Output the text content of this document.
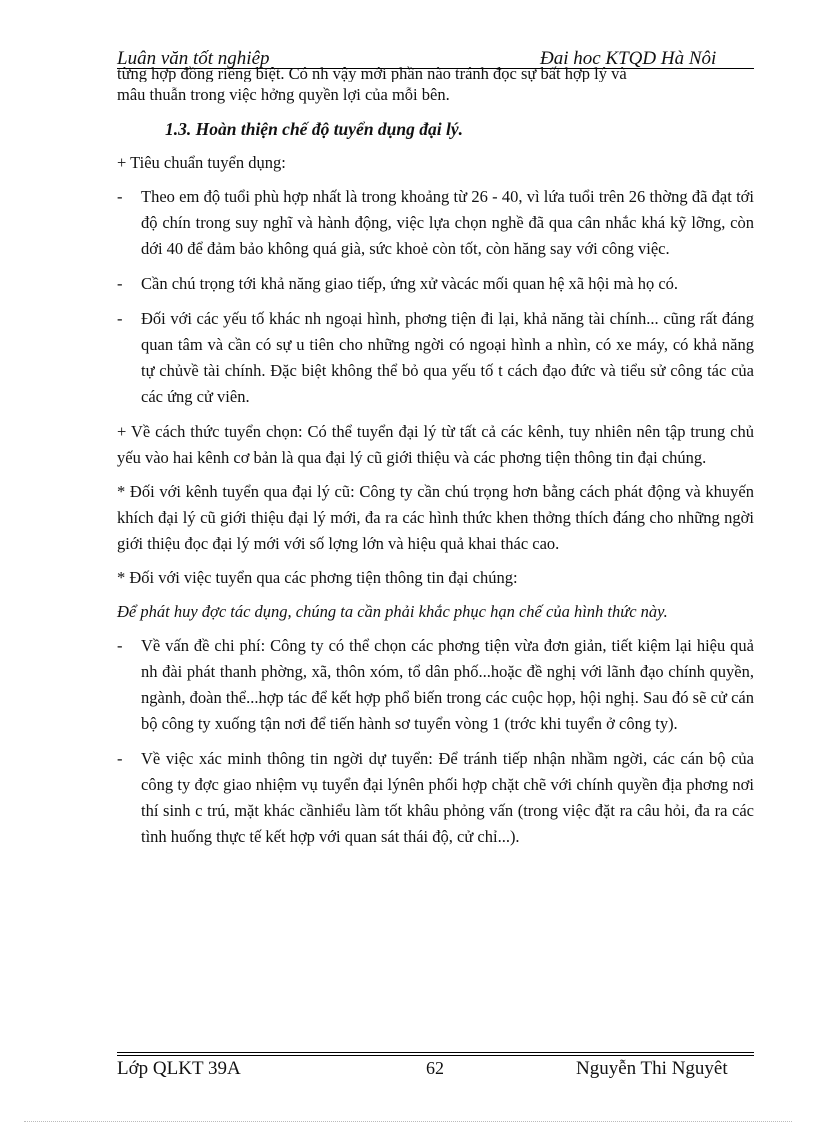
Luân văn tốt nghiêp	Đai hoc KTQD Hà Nôi

từng hợp đồng riêng biệt. Có nh vậy mới phần nào tránh đọc sự bất hợp lý và

mâu thuẫn trong việc hởng quyền lợi của mỗi bên.

1.3. Hoàn thiện chế độ tuyển dụng đại lý.

+ Tiêu chuẩn tuyển dụng:

- Theo em độ tuổi phù hợp nhất là trong khoảng từ 26 - 40, vì lứa tuổi trên 26 thờng đã đạt tới độ chín trong suy nghĩ và hành động, việc lựa chọn nghề đã qua cân nhắc khá kỹ lỡng, còn dới 40 để đảm bảo không quá già, sức khoẻ còn tốt, còn hăng say với công việc.
- Cần chú trọng tới khả năng giao tiếp, ứng xử vàcác mối quan hệ xã hội mà họ có.
- Đối với các yếu tố khác nh ngoại hình, phơng tiện đi lại, khả năng tài chính... cũng rất đáng quan tâm và cần có sự u tiên cho những ngời có ngoại hình a nhìn, có xe máy, có khả năng tự chủvề tài chính. Đặc biệt không thể bỏ qua yếu tố t cách đạo đức và tiểu sử công tác của các ứng cử viên.

+ Về cách thức tuyển chọn: Có thể tuyển đại lý từ tất cả các kênh, tuy nhiên nên tập trung chủ yếu vào hai kênh cơ bản là qua đại lý cũ giới thiệu và các phơng tiện thông tin đại chúng.

* Đối với kênh tuyển qua đại lý cũ: Công ty cần chú trọng hơn bằng cách phát động và khuyến khích đại lý cũ giới thiệu đại lý mới, đa ra các hình thức khen thởng thích đáng cho những ngời giới thiệu đọc đại lý mới với số lợng lớn và hiệu quả khai thác cao.

* Đối với việc tuyển qua các phơng tiện thông tin đại chúng:

Để phát huy đợc tác dụng, chúng ta cần phải khắc phục hạn chế của hình thức này.

- Về vấn đề chi phí: Công ty có thể chọn các phơng tiện vừa đơn giản, tiết kiệm lại hiệu quả nh đài phát thanh phờng, xã, thôn xóm, tổ dân phố...hoặc đề nghị với lãnh đạo chính quyền, ngành, đoàn thể...hợp tác để kết hợp phổ biến trong các cuộc họp, hội nghị. Sau đó sẽ cử cán bộ công ty xuống tận nơi để tiến hành sơ tuyển vòng 1 (trớc khi tuyển ở công ty).
- Về việc xác minh thông tin ngời dự tuyển: Để tránh tiếp nhận nhầm ngời, các cán bộ của công ty đợc giao nhiệm vụ tuyển đại lýnên phối hợp chặt chẽ với chính quyền địa phơng nơi thí sinh c trú, mặt khác cầnhiểu làm tốt khâu phỏng vấn (trong việc đặt ra câu hỏi, đa ra các tình huống thực tế kết hợp với quan sát thái độ, cử chỉ...).
Lớp QLKT 39A	62	Nguyễn Thi Nguyêt
